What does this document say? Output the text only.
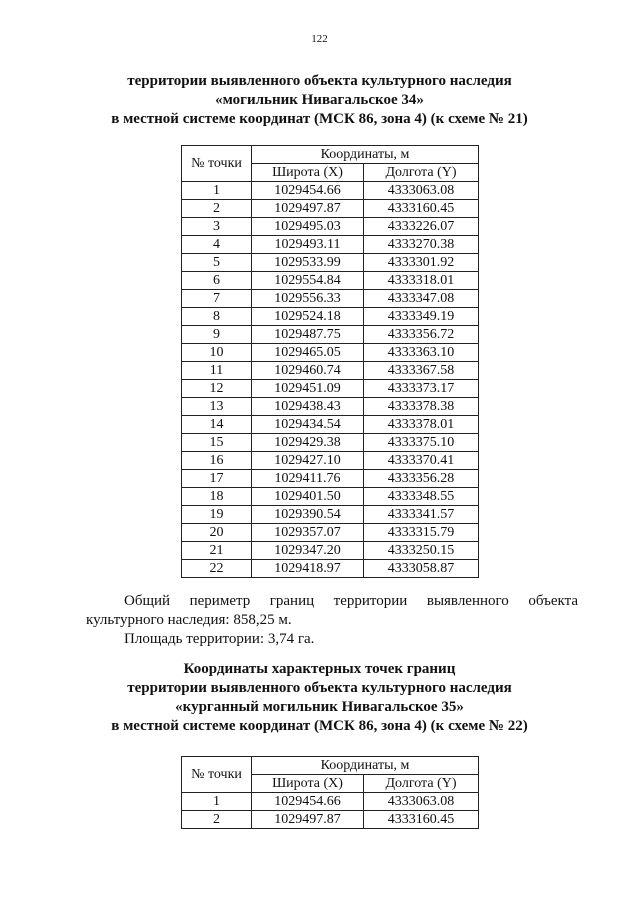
122
территории выявленного объекта культурного наследия
«могильник Нивагальское 34»
в местной системе координат (МСК 86, зона 4) (к схеме № 21)
№ точки	Координаты, м	
	Широта (X)	Долгота (Y)
1	1029454.66	4333063.08
2	1029497.87	4333160.45
3	1029495.03	4333226.07
4	1029493.11	4333270.38
5	1029533.99	4333301.92
6	1029554.84	4333318.01
7	1029556.33	4333347.08
8	1029524.18	4333349.19
9	1029487.75	4333356.72
10	1029465.05	4333363.10
11	1029460.74	4333367.58
12	1029451.09	4333373.17
13	1029438.43	4333378.38
14	1029434.54	4333378.01
15	1029429.38	4333375.10
16	1029427.10	4333370.41
17	1029411.76	4333356.28
18	1029401.50	4333348.55
19	1029390.54	4333341.57
20	1029357.07	4333315.79
21	1029347.20	4333250.15
22	1029418.97	4333058.87
Общий периметр границ территории выявленного объекта
культурного наследия: 858,25 м.
Площадь территории: 3,74 га.
Координаты характерных точек границ
территории выявленного объекта культурного наследия
«курганный могильник Нивагальское 35»
в местной системе координат (МСК 86, зона 4) (к схеме № 22)
№ точки	Координаты, м	
	Широта (X)	Долгота (Y)
1	1029454.66	4333063.08
2	1029497.87	4333160.45
